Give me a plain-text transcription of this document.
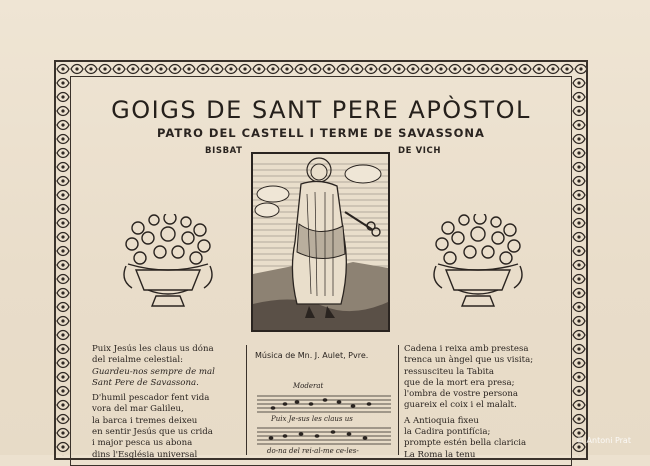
GOIGS DE SANT PERE APÒSTOL
PATRO DEL CASTELL I TERME DE SAVASSONA
BISBAT	DE VICH
Puix Jesús les claus us dóna
del reialme celestial:
Guardeu-nos sempre de mal
Sant Pere de Savassona.
D'humil pescador fent vida
vora del mar Galileu,
la barca i tremes deixeu
en sentir Jesús que us crida
i major pesca us abona
dins l'Església universal
Música de Mn. J. Aulet, Pvre.
Moderat
Puix Je-sus les claus us
do-na del rei-al-me ce-les-
Cadena i reixa amb prestesa
trenca un àngel que us visita;
ressusciteu la Tabita
que de la mort era presa;
l'ombra de vostre persona
guareix el coix i el malalt.
A Antioquia fixeu
la Cadira pontifícia;
prompte estén bella claricia
La Roma la tenu
© Antoni Prat
